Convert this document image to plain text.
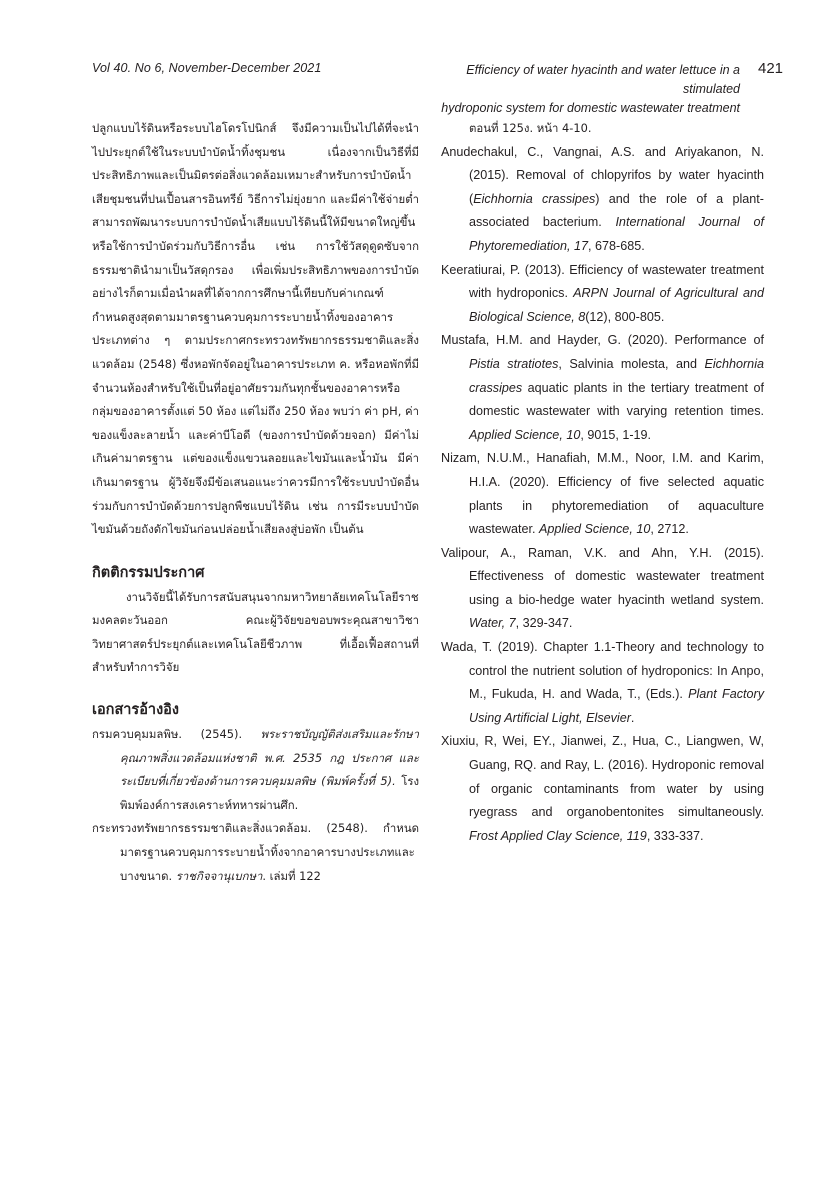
Vol 40. No 6, November-December 2021	Efficiency of water hyacinth and water lettuce in a stimulated
hydroponic system for domestic wastewater treatment
421

ปลูกแบบไร้ดินหรือระบบไฮโดรโปนิกส์ จึงมีความเป็นไปได้ที่จะนำไปประยุกต์ใช้ในระบบบำบัดน้ำทิ้งชุมชน เนื่องจากเป็นวิธีที่มีประสิทธิภาพและเป็นมิตรต่อสิ่งแวดล้อมเหมาะสำหรับการบำบัดน้ำเสียชุมชนที่ปนเปื้อนสารอินทรีย์ วิธีการไม่ยุ่งยาก และมีค่าใช้จ่ายต่ำ สามารถพัฒนาระบบการบำบัดน้ำเสียแบบไร้ดินนี้ให้มีขนาดใหญ่ขึ้นหรือใช้การบำบัดร่วมกับวิธีการอื่น เช่น การใช้วัสดุดูดซับจากธรรมชาตินำมาเป็นวัสดุกรอง เพื่อเพิ่มประสิทธิภาพของการบำบัด อย่างไรก็ตามเมื่อนำผลที่ได้จากการศึกษานี้เทียบกับค่าเกณฑ์กำหนดสูงสุดตามมาตรฐานควบคุมการระบายน้ำทิ้งของอาคารประเภทต่าง ๆ ตามประกาศกระทรวงทรัพยากรธรรมชาติและสิ่งแวดล้อม (2548) ซึ่งหอพักจัดอยู่ในอาคารประเภท ค. หรือหอพักที่มีจำนวนห้องสำหรับใช้เป็นที่อยู่อาศัยรวมกันทุกชั้นของอาคารหรือกลุ่มของอาคารตั้งแต่ 50 ห้อง แต่ไม่ถึง 250 ห้อง พบว่า ค่า pH, ค่าของแข็งละลายน้ำ และค่าบีโอดี (ของการบำบัดด้วยจอก) มีค่าไม่เกินค่ามาตรฐาน แต่ของแข็งแขวนลอยและไขมันและน้ำมัน มีค่าเกินมาตรฐาน ผู้วิจัยจึงมีข้อเสนอแนะว่าควรมีการใช้ระบบบำบัดอื่นร่วมกับการบำบัดด้วยการปลูกพืชแบบไร้ดิน เช่น การมีระบบบำบัดไขมันด้วยถังดักไขมันก่อนปล่อยน้ำเสียลงสู่บ่อพัก เป็นต้น

กิตติกรรมประกาศ

งานวิจัยนี้ได้รับการสนับสนุนจากมหาวิทยาลัยเทคโนโลยีราชมงคลตะวันออก คณะผู้วิจัยขอขอบพระคุณสาขาวิชาวิทยาศาสตร์ประยุกต์และเทคโนโลยีชีวภาพ ที่เอื้อเฟื้อสถานที่สำหรับทำการวิจัย

เอกสารอ้างอิง

กรมควบคุมมลพิษ. (2545). พระราชบัญญัติส่งเสริมและรักษาคุณภาพสิ่งแวดล้อมแห่งชาติ พ.ศ. 2535 กฎ ประกาศ และระเบียบที่เกี่ยวข้องด้านการควบคุมมลพิษ (พิมพ์ครั้งที่ 5). โรงพิมพ์องค์การสงเคราะห์ทหารผ่านศึก.

กระทรวงทรัพยากรธรรมชาติและสิ่งแวดล้อม. (2548). กำหนดมาตรฐานควบคุมการระบายน้ำทิ้งจากอาคารบางประเภทและบางขนาด. ราชกิจจานุเบกษา. เล่มที่ 122

ตอนที่ 125ง. หน้า 4-10.

Anudechakul, C., Vangnai, A.S. and Ariyakanon, N. (2015). Removal of chlopyrifos by water hyacinth (Eichhornia crassipes) and the role of a plant-associated bacterium. International Journal of Phytoremediation, 17, 678-685.

Keeratiurai, P. (2013). Efficiency of wastewater treatment with hydroponics. ARPN Journal of Agricultural and Biological Science, 8(12), 800-805.

Mustafa, H.M. and Hayder, G. (2020). Performance of Pistia stratiotes, Salvinia molesta, and Eichhornia crassipes aquatic plants in the tertiary treatment of domestic wastewater with varying retention times. Applied Science, 10, 9015, 1-19.

Nizam, N.U.M., Hanafiah, M.M., Noor, I.M. and Karim, H.I.A. (2020). Efficiency of five selected aquatic plants in phytoremediation of aquaculture wastewater. Applied Science, 10, 2712.

Valipour, A., Raman, V.K. and Ahn, Y.H. (2015). Effectiveness of domestic wastewater treatment using a bio-hedge water hyacinth wetland system. Water, 7, 329-347.

Wada, T. (2019). Chapter 1.1-Theory and technology to control the nutrient solution of hydroponics: In Anpo, M., Fukuda, H. and Wada, T., (Eds.). Plant Factory Using Artificial Light, Elsevier.

Xiuxiu, R, Wei, EY., Jianwei, Z., Hua, C., Liangwen, W, Guang, RQ. and Ray, L. (2016). Hydroponic removal of organic contaminants from water by using ryegrass and organobentonites simultaneously. Frost Applied Clay Science, 119, 333-337.
